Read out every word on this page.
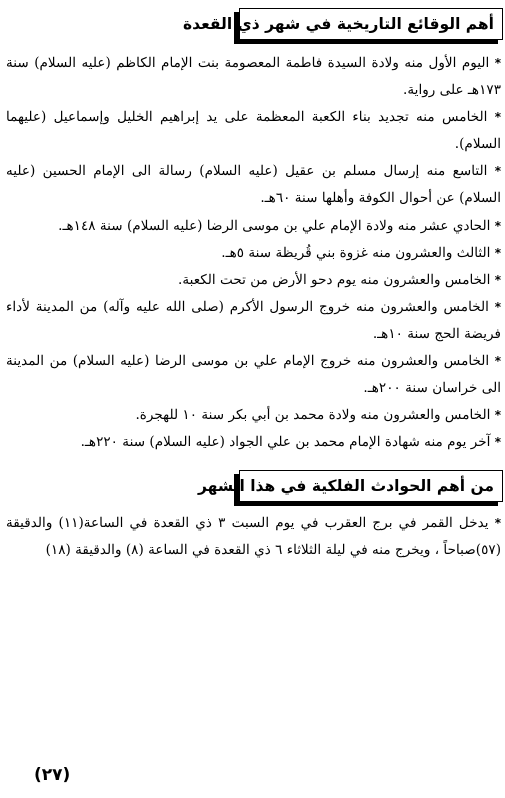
أهم الوقائع التاريخية في شهر ذي القعدة

* اليوم الأول منه ولادة السيدة فاطمة المعصومة بنت الإمام الكاظم (عليه السلام) سنة ١٧٣هـ على رواية.

* الخامس منه تجديد بناء الكعبة المعظمة على يد إبراهيم الخليل وإسماعيل (عليهما السلام).

* التاسع منه إرسال مسلم بن عقيل (عليه السلام) رسالة الى الإمام الحسين (عليه السلام) عن أحوال الكوفة وأهلها سنة ٦٠هـ.

* الحادي عشر منه ولادة الإمام علي بن موسى الرضا (عليه السلام) سنة ١٤٨هـ.

* الثالث والعشرون منه غزوة بني قُريظة سنة ٥هـ.

* الخامس والعشرون منه يوم دحو الأرض من تحت الكعبة.

* الخامس والعشرون منه خروج الرسول الأكرم (صلى الله عليه وآله) من المدينة لأداء فريضة الحج سنة ١٠هـ.

* الخامس والعشرون منه خروج الإمام علي بن موسى الرضا (عليه السلام) من المدينة الى خراسان سنة ٢٠٠هـ.

* الخامس والعشرون منه ولادة محمد بن أبي بكر سنة ١٠ للهجرة.

* آخر يوم منه شهادة الإمام محمد بن علي الجواد (عليه السلام) سنة ٢٢٠هـ.

من أهم الحوادث الفلكية في هذا الشهر

* يدخل القمر في برج العقرب في يوم السبت ٣ ذي القعدة في الساعة(١١) والدقيقة (٥٧)صباحاً ، ويخرج منه في ليلة الثلاثاء ٦ ذي القعدة في الساعة (٨) والدقيقة (١٨)

(٢٧)
